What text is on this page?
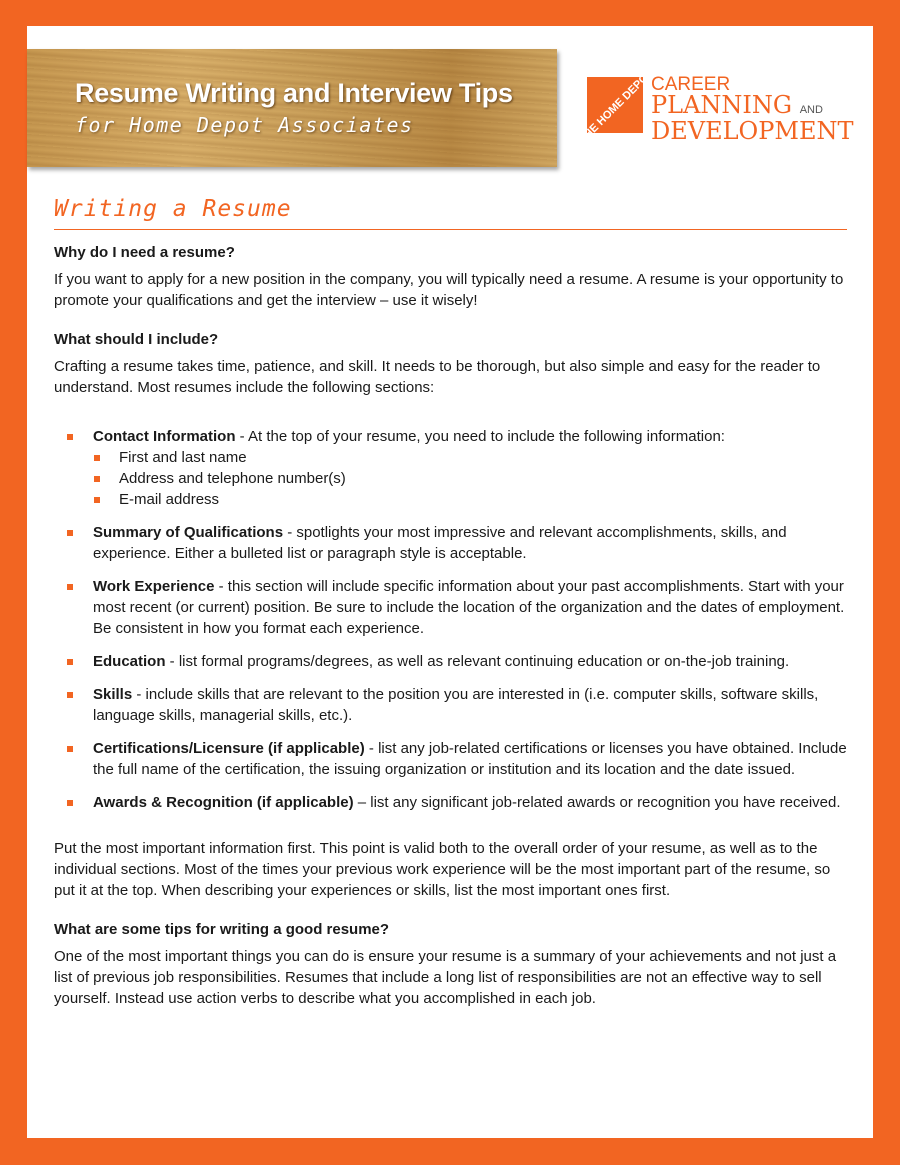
Resume Writing and Interview Tips
for Home Depot Associates	THE HOME DEPOT
CAREER
PLANNING AND
DEVELOPMENT
Writing a Resume
Why do I need a resume?

If you want to apply for a new position in the company, you will typically need a resume. A resume is your opportunity to promote your qualifications and get the interview – use it wisely!

What should I include?

Crafting a resume takes time, patience, and skill. It needs to be thorough, but also simple and easy for the reader to understand. Most resumes include the following sections:

Contact Information - At the top of your resume, you need to include the following information:
First and last name
Address and telephone number(s)
E-mail address
Summary of Qualifications - spotlights your most impressive and relevant accomplishments, skills, and experience. Either a bulleted list or paragraph style is acceptable.
Work Experience - this section will include specific information about your past accomplishments. Start with your most recent (or current) position. Be sure to include the location of the organization and the dates of employment. Be consistent in how you format each experience.
Education - list formal programs/degrees, as well as relevant continuing education or on-the-job training.
Skills - include skills that are relevant to the position you are interested in (i.e. computer skills, software skills, language skills, managerial skills, etc.).
Certifications/Licensure (if applicable) - list any job-related certifications or licenses you have obtained. Include the full name of the certification, the issuing organization or institution and its location and the date issued.
Awards & Recognition (if applicable) – list any significant job-related awards or recognition you have received.

Put the most important information first. This point is valid both to the overall order of your resume, as well as to the individual sections. Most of the times your previous work experience will be the most important part of the resume, so put it at the top. When describing your experiences or skills, list the most important ones first.

What are some tips for writing a good resume?

One of the most important things you can do is ensure your resume is a summary of your achievements and not just a list of previous job responsibilities. Resumes that include a long list of responsibilities are not an effective way to sell yourself. Instead use action verbs to describe what you accomplished in each job.
